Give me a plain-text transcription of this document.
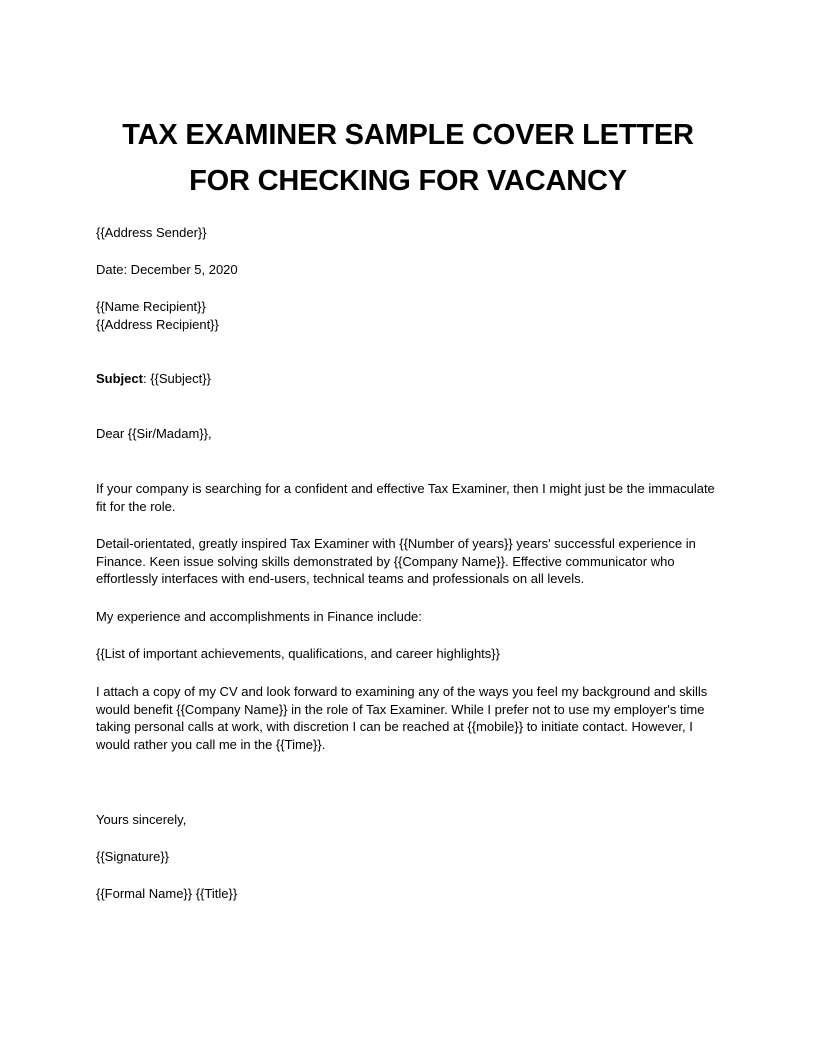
TAX EXAMINER SAMPLE COVER LETTER
FOR CHECKING FOR VACANCY
{{Address Sender}}
Date: December 5, 2020
{{Name Recipient}}
{{Address Recipient}}
Subject: {{Subject}}
Dear {{Sir/Madam}},
If your company is searching for a confident and effective Tax Examiner, then I might just be the immaculate fit for the role.
Detail-orientated, greatly inspired Tax Examiner with {{Number of years}} years' successful experience in Finance. Keen issue solving skills demonstrated by {{Company Name}}. Effective communicator who effortlessly interfaces with end-users, technical teams and professionals on all levels.
My experience and accomplishments in Finance include:
{{List of important achievements, qualifications, and career highlights}}
I attach a copy of my CV and look forward to examining any of the ways you feel my background and skills would benefit {{Company Name}} in the role of Tax Examiner. While I prefer not to use my employer's time taking personal calls at work, with discretion I can be reached at {{mobile}} to initiate contact. However, I would rather you call me in the {{Time}}.
Yours sincerely,
{{Signature}}
{{Formal Name}} {{Title}}
